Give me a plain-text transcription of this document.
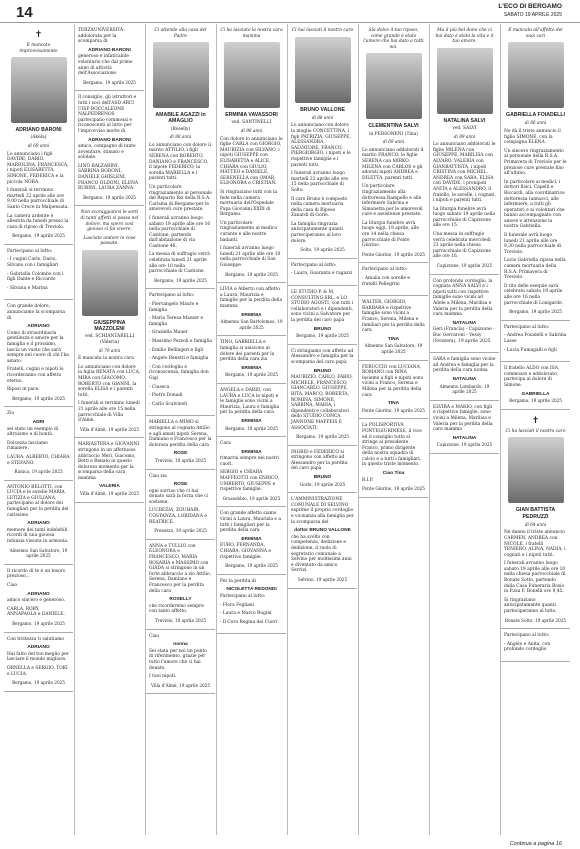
14	L'ECO DI BERGAMO
SABATO 19 APRILE 2025
✝

È mancato improvvisamente

ADRIANO BARONI
(Akela)
di 69 anni

Lo annunciano i figli DAVIDE, DARIO, MARIOLINA, FRANCESCA, i nipoti ELISABETTA, SIMONE, FEDERICA e la piccola NORA.

I funerali si terranno martedì 22 aprile alle ore 9,00 nella parrocchiale di Santo Croce in Malpensata.

La camera ardente è allestita da lunedì presso la casa di riposo di Treviolo.

Bergamo, 19 aprile 2025

Partecipano al lutto:

- I cugini Carlo, Dario, Silvano con i famigliari

- Gabriella Colombo con i figli Dante e Riccardo

- Silvana e Marina

Con grande dolore, annunciamo la scomparsa di

ADRIANO

Uomo di straordinaria gentilezza e amore per la famiglia e il prossimo, lascia un vuoto che sarà sempre nel cuore di chi l'ha amato.

Fratelli, cugini e nipoti lo ricorderanno con affetto eterno.

Riposi in pace.

Bergamo, 19 aprile 2025

Zio

ADRI

sei stato un esempio di altruismo e di bontà.

Dolcezza lasciamo rimanere.

LAURA, ALBERTO, CHIARA e STEFANO.

Ranica, 19 aprile 2025

ANTONIO BELOTTI, con LUCIA e le sorelle MARIA LETIZIA e GIULIANA, partecipano al dolore dei famigliari per la perdita del carissimo

ADRIANO

memore dei tanti indelebili ricordi di una gioiosa infanzia vissuta in armonia.

Almenno San Salvatore, 19 aprile 2025

Il ricordo di te è un tesoro prezioso...

Ciao

ADRIANO

amico sincero e generoso.

CARLA, ROBY, ANNAPAOLA e DANIELE.

Bergamo, 19 aprile 2025

Con tristezza ti salutiamo

ADRIANO

Hai fatto del tuo meglio per lasciare il mondo migliore.

ORNELLA e SERGIO, TOKI e LUCIA.

Bergamo, 19 aprile 2025

TERZAUNIVERSITÀ: addolorata per la scomparsa di

ADRIANO BARONI

generoso e infaticabile volontario che dal primo anno di attività dell'Associazione.

Bergamo, 19 aprile 2025

Il consiglio, gli istruttori e tutti i soci dell'ASD ARCI UISP BOCCALEONE NALPEDRENOS partecipano commossi e riconoscenti al lutto per l'improvviso morte di

ADRIANO BARONI

amico, compagno di tante avventure, stimato e solidale.

LINO BALZARINI, SABRINA BODONI, DANIELE GHISLENI, FRANCO OLDONI, ELENA RUBINI, LAURA ZANNA.

Bergamo, 19 aprile 2025

Non scoraggiatevi le sorti di tanti affetti sì possa nel dolore, ma spero così gioioso ci fai vivere.

Lasciate andare le cose passate.

GIUSEPPINA MAZZOLENI
ved. SCHIANTARELLI (Valeria)
di 79 anni

È mancata la nostra cara

Lo annunciano con dolore la figlia RENATA con LUCA, MIRA con GIACOMO, ROBERTO con GIANNI, la sorella ELISA e i parenti tutti.

I funerali si terranno lunedì 21 aprile alle ore 15 nella parrocchiale di Villa d'Almè.

Villa d'Almè, 19 aprile 2025

MARIASTERA e GIOVANNI stringono in un affettuoso abbraccio Meri, Giacomo, Betti e Renato in questo doloroso momento per la scomparsa della cara mamma

VALERIA
Villa d'Almè, 19 aprile 2025

Ci attende alla casa del Padre

AMABILE AGAZZI in AMAGLIO
(Roselly)
di 88 anni

Lo annunciano con dolore il marito ATTILIO, i figli SERENA con ROBERTO, DANIANO e FRANCESCO, il nipote FEDERICO, la sorella MARIELLA e i parenti tutti.

Un particolare ringraziamento al personale del Reparto Rsi della R.S.A. Carisma di Bergamo per le amorevoli cure prestate.

I funerali avranno luogo sabato 19 aprile alle ore 16 nella parrocchiale di Castione, partendo dall'abitazione di via Castione 46.

La messa di suffragio verrà celebrata lunedì 21 aprile alle ore 10 nella parrocchiale di Castione.

Bergamo, 19 aprile 2025

Partecipano al lutto:

- Piervangelo Mauro e famiglia

- Maria Teresa Mazzer e famiglia

- Graziella Mauer

- Massimo Pezzoli e famiglia

- Emilio Bellingeri e figli

- Angelo Benetti e famiglia

- Con cordoglio e riconoscenza, famiglia don Gigi

- Ciuseca

- Pietro Donadi

- Carlo Scalvinoli

MARIELLA e MIMO si stringono al cognato Attilio e agli amati nipoti Serena, Damiano e Francesco per la dolorosa perdita della cara

ROSE
Treviolo, 19 aprile 2025

Ciao zia

ROSE

ogni sorriso che ci hai donato sarà la forza che ci sostiene.

LUCREZIA, ZOUHAIR, COSTANZA, LORIDANA e BEATRICE.

Presezzo, 19 aprile 2025

ANNA e TULLIO con ELEONORA e FRANCESCO, MARIA ROSARIA e MASSIMO con GIADA si stringono in un forte abbraccio a zio Attilio, Serena, Damiano e Francesco per la perdita della cara

ROSELLY

che ricorderemo sempre con tanto affetto.

Treviolo, 19 aprile 2025

Ciao

nonna

Sei stata per noi un punto di riferimento, grazie per tutto l'amore che ci hai donato.

I tuoi nipoti.

Villa d'Almè, 19 aprile 2025

Ci ha lasciato la nostra cara mamma

ERMINIA VAVASSORI
ved. SANTINELLI
di 96 anni

Con dolore lo annunciano le figlie CARLA con GIORGIO, MAURIZIA con SILVANO, i nipoti GIUSEPPE con ELISABETTA e ALICE, CHIARA con GIULIO, MATTEO e DANIELE, SERENELLA con OMAR, ELEONORA e CRISTIAN.

Si ringraziano tutti con la fede nella camera mortuaria dell'Ospedale Papa Giovanni XXIII di Bergamo.

Un particolare ringraziamento al medico curante e alle nostre badanti.

I funerali avranno luogo lunedì 21 aprile alle ore 10 nella parrocchiale di San Giuseppe.

Bergamo, 19 aprile 2025

LIVIA e Alberto con affetto a Laura, Maurizia e famiglie per la perdita della mamma

ERMINIA
Almenno San Bartolomeo, 19 aprile 2025

TINO, GABRIELLA e famiglia si uniscono al dolore dei parenti per la perdita della cara zia

ERMINIA
Bergamo, 19 aprile 2025

ANGELA e DARIO, con LAURA e LUCA le nipoti e le famiglie sono vicini a Maurizia, Laura e famiglia per la perdita della cara

ERMINIA
Bergamo, 19 aprile 2025

Cara

ERMINIA

rimarrai sempre nei nostri cuori.

SERGIO e CHIARA MAFFEOTTI con ENRICO, UMBERTO, GIUSEPPE e rispettive famiglie.

Grassobbio, 19 aprile 2025

Con grande affetto siamo vicini a Laura, Maurizia e a tutti i famigliari per la perdita della cara

ERMINIA

EURO, FERNANDA, CHIARA, GIOVANNA e rispettive famiglie.

Bergamo, 19 aprile 2025

Per la perdita di

NICOLETTA REDONDI

Partecipano al lutto:

- Flora Fogliani

- Laura e Marco Bugini

- Il Coro Regina dei Cuori

Ci hai lasciati il nostro caro

BRUNO VALLONE
di 88 anni

Lo annunciano con dolore la moglie CONCETTINA, i figli PATRIZIA, GIUSEPPE, ALESSANDRA, SALVATORE, FRANCO, PIERGIORGIO, i nipoti e le rispettive famiglie e i parenti tutti.

I funerali avranno luogo martedì 22 aprile alle ore 15 nella parrocchiale di Solto.

Il caro Bruno è composto nella camera mortuaria della casa di Riposo Zanardi di Gorle.

La famiglia ringrazia anticipatamente quanti parteciperanno al loro dolore.

Solto, 19 aprile 2025

Partecipano al lutto:

- Laura, Guaranta e ragazzi

LE STUDIO P. & M. CONSULTING SRL, e LO STUDIO AGOSTI, con tutti i collaboratori e i dipendenti, sono vicini a Salvatore per la perdita del caro papà

BRUNO
Bergamo, 19 aprile 2025

Ci stringiamo con affetto ad Alessandro e famiglia per la scomparsa del caro papà

BRUNO

MAURIZIO, CARLO, FABIO, MICHELE, FRANCESCO, GIANCARLO, GIUSEPPE, RITA, MARCO, ROBERTA, ROMINA, SIMONE, SABRINA, MARIA, i dipendenti e collaboratori dello STUDIO CONCA JANNONE MAFFEIS E ASSOCIATI.

Bergamo, 19 aprile 2025

INGRID e FEDERICO si stringono con affetto ad Alessandro per la perdita del caro papà

BRUNO
Gorle, 19 aprile 2025

L'AMMINISTRAZIONE COMUNALE DI SELVINO esprime il proprio cordoglio e vicinanza alla famiglia per la scomparsa del

dottor BRUNO VALLONE

che ha svolto con competenza, dedizione e dedizione, il ruolo di segretario comunale a Selvino per moltissimi anni e diventato da amico Servizi.

Selvino, 19 aprile 2025

Sia dolce il tuo riposo, come grande è stato l'amore che hai dato a tutti noi.

CLEMENTINA SALVI
in PERSONENI (Tina)
di 69 anni

Lo annunciano addolorati il marito FRANCO, le figlie SERENA con MIRKO, MILENA con CARLOS e gli adorati nipoti ANDREA e DILETTA, parenti tutti.

Un particolare ringraziamento alla dottoressa Rampello e alle infermiere Sabrina e Simonetta per le amorevoli cure e assistenze prestate.

La liturgia funebre avrà luogo oggi, 19 aprile, alle ore 14 nella chiesa parrocchiale di Ponte Giurino.

Ponte Giurino, 19 aprile 2025

Partecipano al lutto:

- Amalia con sorelle e fratelli Pellegrini

WALTER, GIORGIO, BARBARA e rispettive famiglie sono vicini a Franco, Serena, Milena e familiari per la perdita della cara

TINA
Almenno San Salvatore, 19 aprile 2025

FERUCCIO con LUCIANA, ROMANO con RINA insieme a figli e nipoti sono vicini a Franco, Serena e Milena per la perdita della cara

TINA
Ponte Giurino, 19 aprile 2025

La POLISPORTIVA PONTEGIURINESE, il vice ed il consiglio tutto si stringe al presidente Franco, primo dirigente della nostra squadra di calcio e a tutti i famigliari, in questo triste momento.

Ciao Tina

R.I.P.

Ponte Giurino, 19 aprile 2025

Ma il più bel dono che ci hai dato è stato la vita e il tuo amore.

NATALINA SALVI
ved. SALVI
di 89 anni

Lo annunciano addolorati le figlie MILENA con GIUSEPPE, MARILISA con ALVARO, VALERIA con GIANBATTISTA, i nipoti CRISTINA con MICHEL, ANDREA con SARA, ELISA con DAVIDE, i pronipoti ANITA e ALESSANDRO, il fratello, le sorelle, i cognati, i nipoti e parenti tutti.

La liturgia funebre avrà luogo sabato 19 aprile nella parrocchiale di Capizzone alle ore 15.

Una messa in suffragio verrà celebrata mercoledì 23 aprile nella chiesa parrocchiale di Capizzone alle ore 16.

Capizzone, 19 aprile 2025

Con profondo cordoglio, la cognata ANNA SALVI e i nipoti tutti con rispettive famiglie sono vicini ad Adele a Milena, Marilisa e Valeria per la perdita della cara mamma

NATALINA

Geri (Francia) - Capizzone - Buc Gerraroni - Vessy (Svizzera), 19 aprile 2025

SARA e famiglia sono vicine ad Andrea e famiglia per la perdita della cara nonna

NATALINA
Almenno Lombardo, 19 aprile 2025

ELVIRA e MARIO, con figli e rispettive famiglie, sono vicini a Milena, Marilisa e Valeria per la perdita della cara mamma

NATALINA
Capizzone, 19 aprile 2025

È mancato all'affetto dei suoi cari

GABRIELLA FOIADELLI
di 86 anni

Ne dà il triste annuncio il figlio SIMONE, con la compagna ELENA.

Un sincero ringraziamento al personale della R.S.A. Primavera di Treviolo per le preziose cure prestate fino all'ultimo.

In particolare ai medici, i dottori fisici, Capelli e Riccardi, alla coordinatrice dottoressa Iannucci, alle infermiere, a tutti gli operatori e ai volontari che hanno accompagnato con amore e attenzione la nostra Gabriella.

Il funerale avrà luogo lunedì 21 aprile alle ore 9,30 nella parrocchiale di Treviolo.

Lucio Gabriella riposa nella camera mortuaria della R.S.A. Primavera di Treviolo.

Il rito delle esequie sarà celebrato sabato 19 aprile alle ore 16 nella parrocchiale di Lonigarde.

Bergamo, 19 aprile 2025

Partecipano al lutto:

- Andrea Foiadelli e Sabrina Lasse

- Lucia Fumagalli e figli

Il fratello ALDO con ISA, commosso e addolorato, partecipa al dolore di Simone.

GABRIELLA
Bergamo, 19 aprile 2025
✝

Ci ha lasciati il nostro caro

GIAN BATTISTA PEDRUZZI
di 64 anni

Ne danno il triste annuncio CARMEN, ANDREA con NICOLE, i fratelli YENIERO, ALINA, NADIA, i cognati e i nipoti tutti.

I funerali avranno luogo sabato 19 aprile alle ore 10 nella chiesa parrocchiale di Bonate Sotto, partendo dalla Casa Funeraria Bosio in P.zza F. Bonelli ore 9,45.

Si ringraziano anticipatamente quanti parteciperanno al lutto.

Bonate Sotto, 19 aprile 2025

Partecipano al lutto:

- Angelo e Anita, con profondo cordoglio

Continua a pagina 16
